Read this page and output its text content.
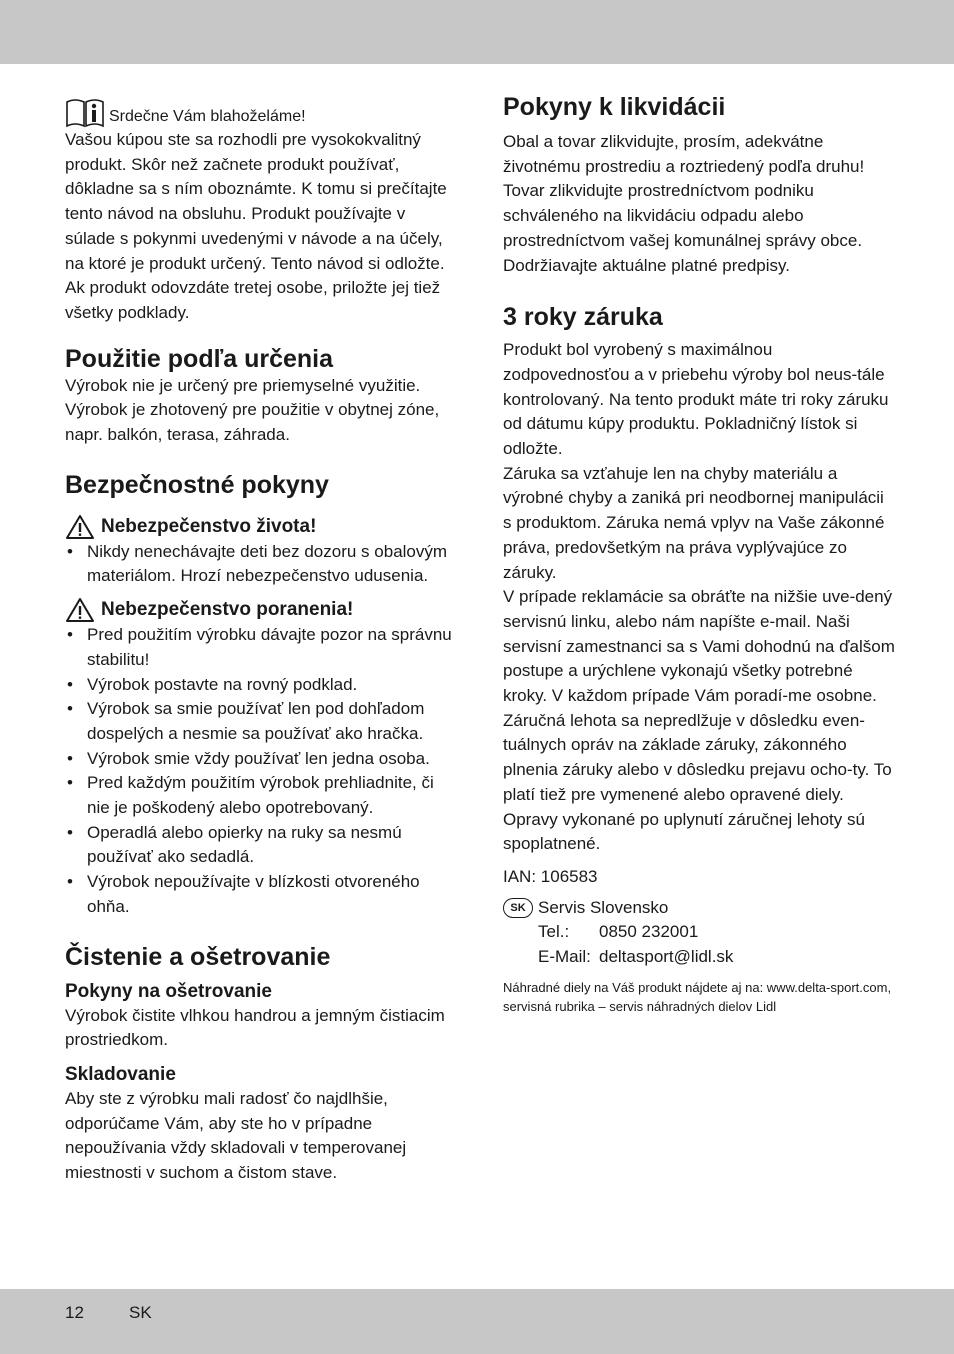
Srdečne Vám blahoželáme!

Vašou kúpou ste sa rozhodli pre vysokokvalitný produkt. Skôr než začnete produkt používať, dôkladne sa s ním oboznámte. K tomu si prečítajte tento návod na obsluhu. Produkt používajte v súlade s pokynmi uvedenými v návode a na účely, na ktoré je produkt určený. Tento návod si odložte. Ak produkt odovzdáte tretej osobe, priložte jej tiež všetky podklady.

Použitie podľa určenia

Výrobok nie je určený pre priemyselné využitie. Výrobok je zhotovený pre použitie v obytnej zóne, napr. balkón, terasa, záhrada.

Bezpečnostné pokyny
Nebezpečenstvo života!
• Nikdy nenechávajte deti bez dozoru s obalovým materiálom. Hrozí nebezpečenstvo udusenia.
Nebezpečenstvo poranenia!
• Pred použitím výrobku dávajte pozor na správnu stabilitu!
• Výrobok postavte na rovný podklad.
• Výrobok sa smie používať len pod dohľadom dospelých a nesmie sa používať ako hračka.
• Výrobok smie vždy používať len jedna osoba.
• Pred každým použitím výrobok prehliadnite, či nie je poškodený alebo opotrebovaný.
• Operadlá alebo opierky na ruky sa nesmú používať ako sedadlá.
• Výrobok nepoužívajte v blízkosti otvoreného ohňa.
Čistenie a ošetrovanie
Pokyny na ošetrovanie

Výrobok čistite vlhkou handrou a jemným čistiacim prostriedkom.

Skladovanie

Aby ste z výrobku mali radosť čo najdlhšie, odporúčame Vám, aby ste ho v prípadne nepoužívania vždy skladovali v temperovanej miestnosti v suchom a čistom stave.

Pokyny k likvidácii

Obal a tovar zlikvidujte, prosím, adekvátne životnému prostrediu a roztriedený podľa druhu! Tovar zlikvidujte prostredníctvom podniku schváleného na likvidáciu odpadu alebo prostredníctvom vašej komunálnej správy obce. Dodržiavajte aktuálne platné predpisy.

3 roky záruka

Produkt bol vyrobený s maximálnou zodpovednosťou a v priebehu výroby bol neus-tále kontrolovaný. Na tento produkt máte tri roky záruku od dátumu kúpy produktu. Pokladničný lístok si odložte.

Záruka sa vzťahuje len na chyby materiálu a výrobné chyby a zaniká pri neodbornej manipulácii s produktom. Záruka nemá vplyv na Vaše zákonné práva, predovšetkým na práva vyplývajúce zo záruky.

V prípade reklamácie sa obráťte na nižšie uve-dený servisnú linku, alebo nám napíšte e-mail. Naši servisní zamestnanci sa s Vami dohodnú na ďalšom postupe a urýchlene vykonajú všetky potrebné kroky. V každom prípade Vám poradí-me osobne.

Záručná lehota sa nepredlžuje v dôsledku even-tuálnych opráv na základe záruky, zákonného plnenia záruky alebo v dôsledku prejavu ocho-ty. To platí tiež pre vymenené alebo opravené diely. Opravy vykonané po uplynutí záručnej lehoty sú spoplatnené.

IAN: 106583

SK Servis Slovensko
Tel.: 0850 232001
E-Mail: deltasport@lidl.sk

Náhradné diely na Váš produkt nájdete aj na: www.delta-sport.com, servisná rubrika – servis náhradných dielov Lidl

12	SK
